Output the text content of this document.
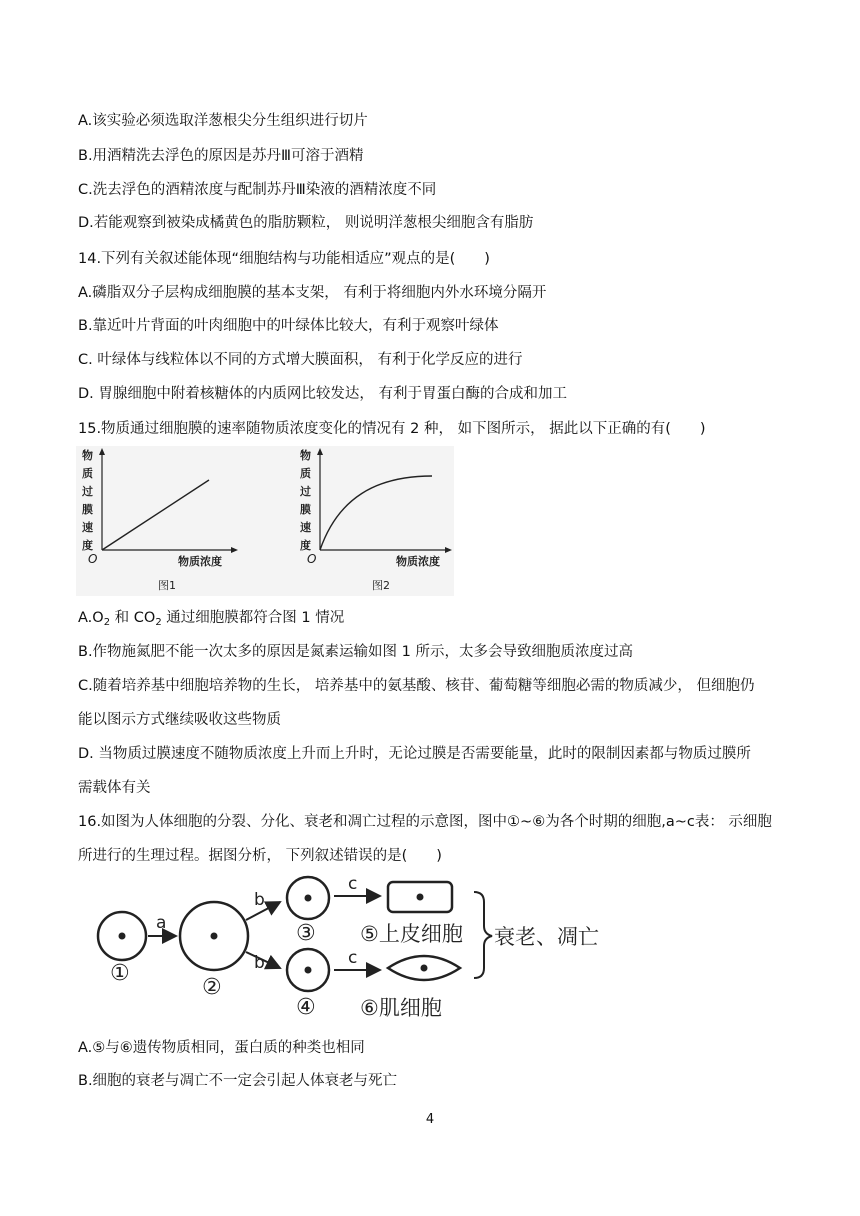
A.该实验必须选取洋葱根尖分生组织进行切片
B.用酒精洗去浮色的原因是苏丹Ⅲ可溶于酒精
C.洗去浮色的酒精浓度与配制苏丹Ⅲ染液的酒精浓度不同
D.若能观察到被染成橘黄色的脂肪颗粒， 则说明洋葱根尖细胞含有脂肪
14.下列有关叙述能体现“细胞结构与功能相适应”观点的是(　　)
A.磷脂双分子层构成细胞膜的基本支架， 有利于将细胞内外水环境分隔开
B.靠近叶片背面的叶肉细胞中的叶绿体比较大，有利于观察叶绿体
C. 叶绿体与线粒体以不同的方式增大膜面积， 有利于化学反应的进行
D. 胃腺细胞中附着核糖体的内质网比较发达， 有利于胃蛋白酶的合成和加工
15.物质通过细胞膜的速率随物质浓度变化的情况有 2 种， 如下图所示， 据此以下正确的有(　　)
物
质
过
膜
速
度
O	物质浓度
图1
物
质
过
膜
速
度
O	物质浓度
图2
$A.O_2$ 和 $CO_2$ 通过细胞膜都符合图 1 情况
B.作物施氮肥不能一次太多的原因是氮素运输如图 1 所示，太多会导致细胞质浓度过高
C.随着培养基中细胞培养物的生长， 培养基中的氨基酸、核苷、葡萄糖等细胞必需的物质减少， 但细胞仍
能以图示方式继续吸收这些物质
D. 当物质过膜速度不随物质浓度上升而上升时，无论过膜是否需要能量，此时的限制因素都与物质过膜所
需载体有关
16.如图为人体细胞的分裂、分化、衰老和凋亡过程的示意图，图中①~⑥为各个时期的细胞,a~c表： 示细胞
所进行的生理过程。据图分析， 下列叙述错误的是(　　)
①
a
②
b
b
③
④
c
c
⑤上皮细胞
⑥肌细胞
衰老、凋亡
A.⑤与⑥遗传物质相同，蛋白质的种类也相同
B.细胞的衰老与凋亡不一定会引起人体衰老与死亡
4
